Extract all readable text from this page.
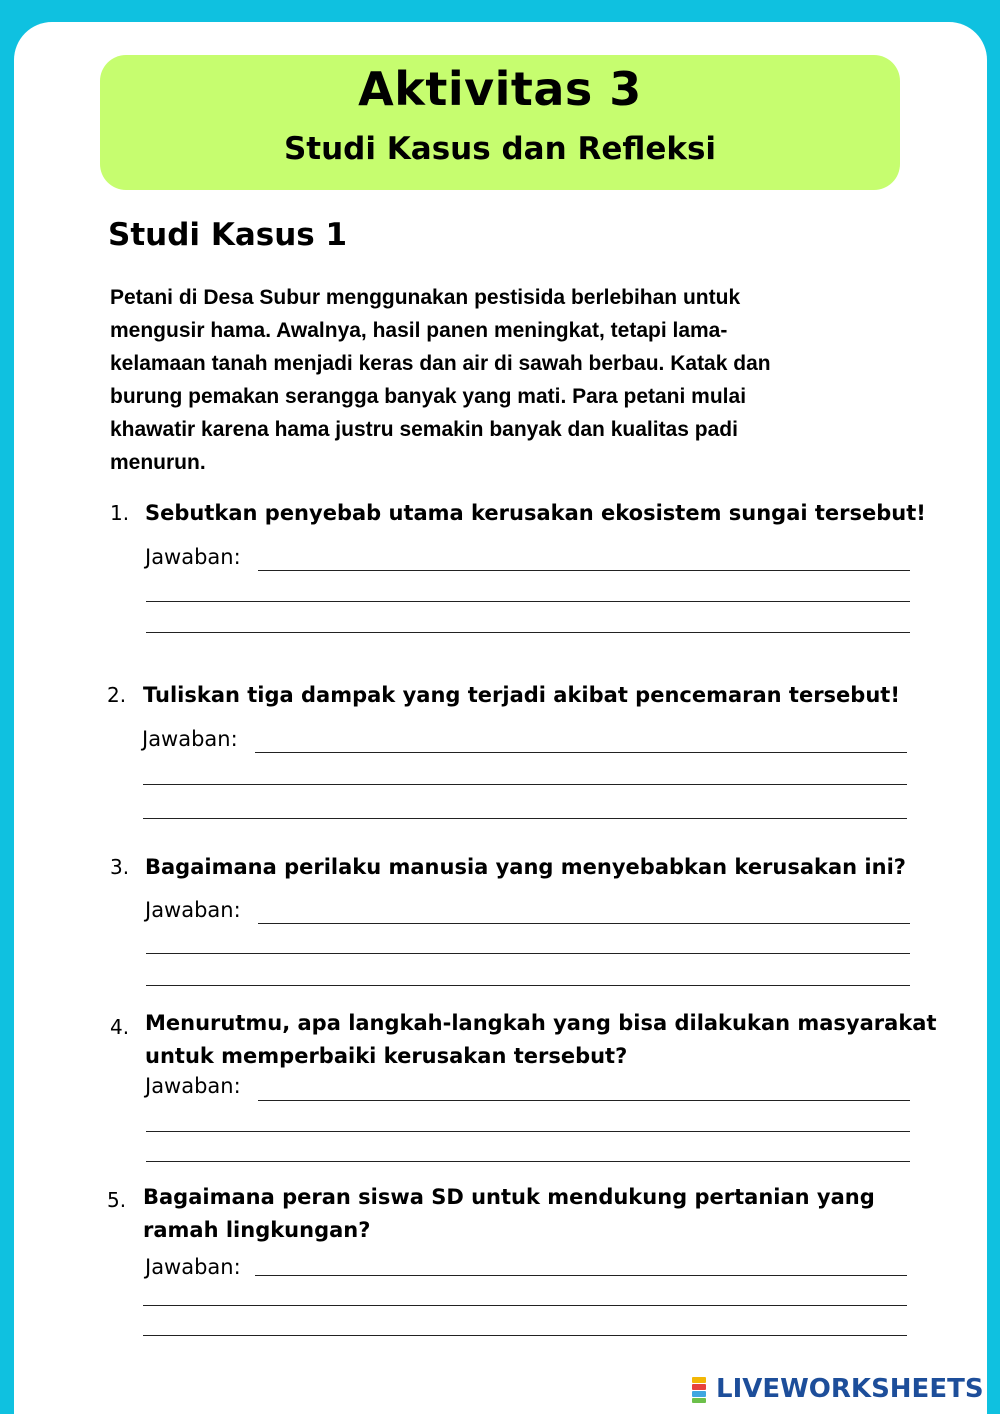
Aktivitas 3
Studi Kasus dan Refleksi
Studi Kasus 1
Petani di Desa Subur menggunakan pestisida berlebihan untuk
mengusir hama. Awalnya, hasil panen meningkat, tetapi lama-
kelamaan tanah menjadi keras dan air di sawah berbau. Katak dan
burung pemakan serangga banyak yang mati. Para petani mulai
khawatir karena hama justru semakin banyak dan kualitas padi
menurun.
1. Sebutkan penyebab utama kerusakan ekosistem sungai tersebut!
Jawaban:
2. Tuliskan tiga dampak yang terjadi akibat pencemaran tersebut!
Jawaban:
3. Bagaimana perilaku manusia yang menyebabkan kerusakan ini?
Jawaban:
4. Menurutmu, apa langkah-langkah yang bisa dilakukan masyarakat
untuk memperbaiki kerusakan tersebut?
Jawaban:
5. Bagaimana peran siswa SD untuk mendukung pertanian yang
ramah lingkungan?
Jawaban:
LIVEWORKSHEETS
